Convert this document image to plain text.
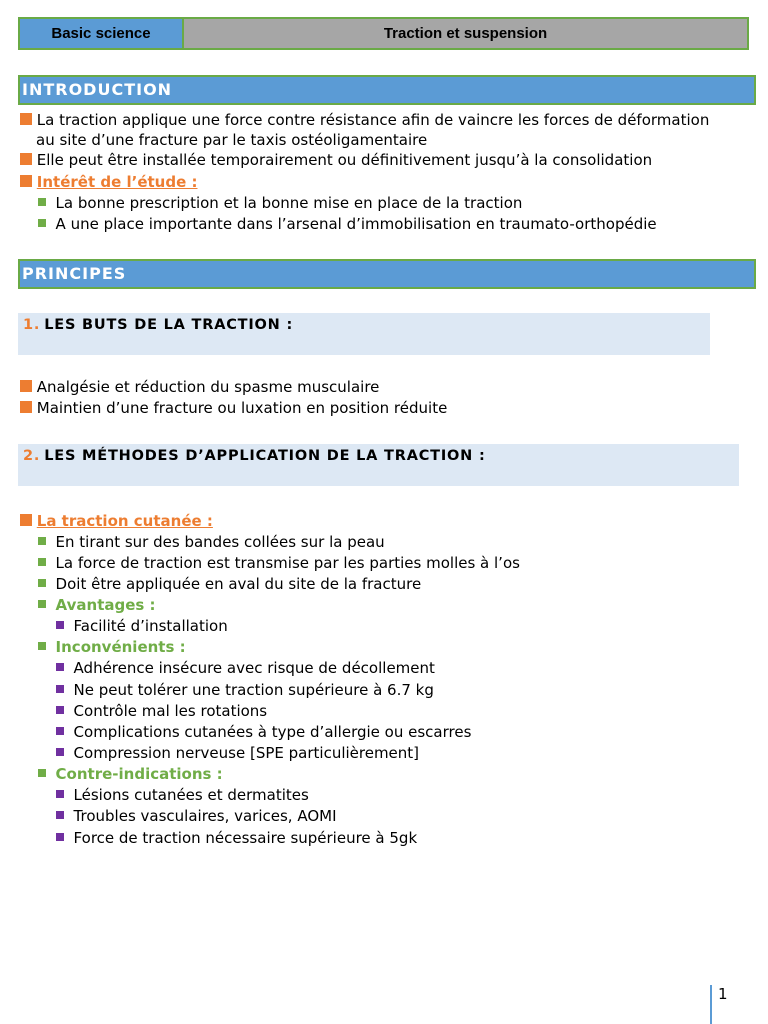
Basic science	Traction et suspension
INTRODUCTION
La traction applique une force contre résistance afin de vaincre les forces de déformation
au site d’une fracture par le taxis ostéoligamentaire
Elle peut être installée temporairement ou définitivement jusqu’à la consolidation
Intérêt de l’étude :
La bonne prescription et la bonne mise en place de la traction
A une place importante dans l’arsenal d’immobilisation en traumato-orthopédie
PRINCIPES
1. LES BUTS DE LA TRACTION :
Analgésie et réduction du spasme musculaire
Maintien d’une fracture ou luxation en position réduite
2. LES MÉTHODES D’APPLICATION DE LA TRACTION :
La traction cutanée :
En tirant sur des bandes collées sur la peau
La force de traction est transmise par les parties molles à l’os
Doit être appliquée en aval du site de la fracture
Avantages :
Facilité d’installation
Inconvénients :
Adhérence insécure avec risque de décollement
Ne peut tolérer une traction supérieure à 6.7 kg
Contrôle mal les rotations
Complications cutanées à type d’allergie ou escarres
Compression nerveuse [SPE particulièrement]
Contre-indications :
Lésions cutanées et dermatites
Troubles vasculaires, varices, AOMI
Force de traction nécessaire supérieure à 5gk
1
